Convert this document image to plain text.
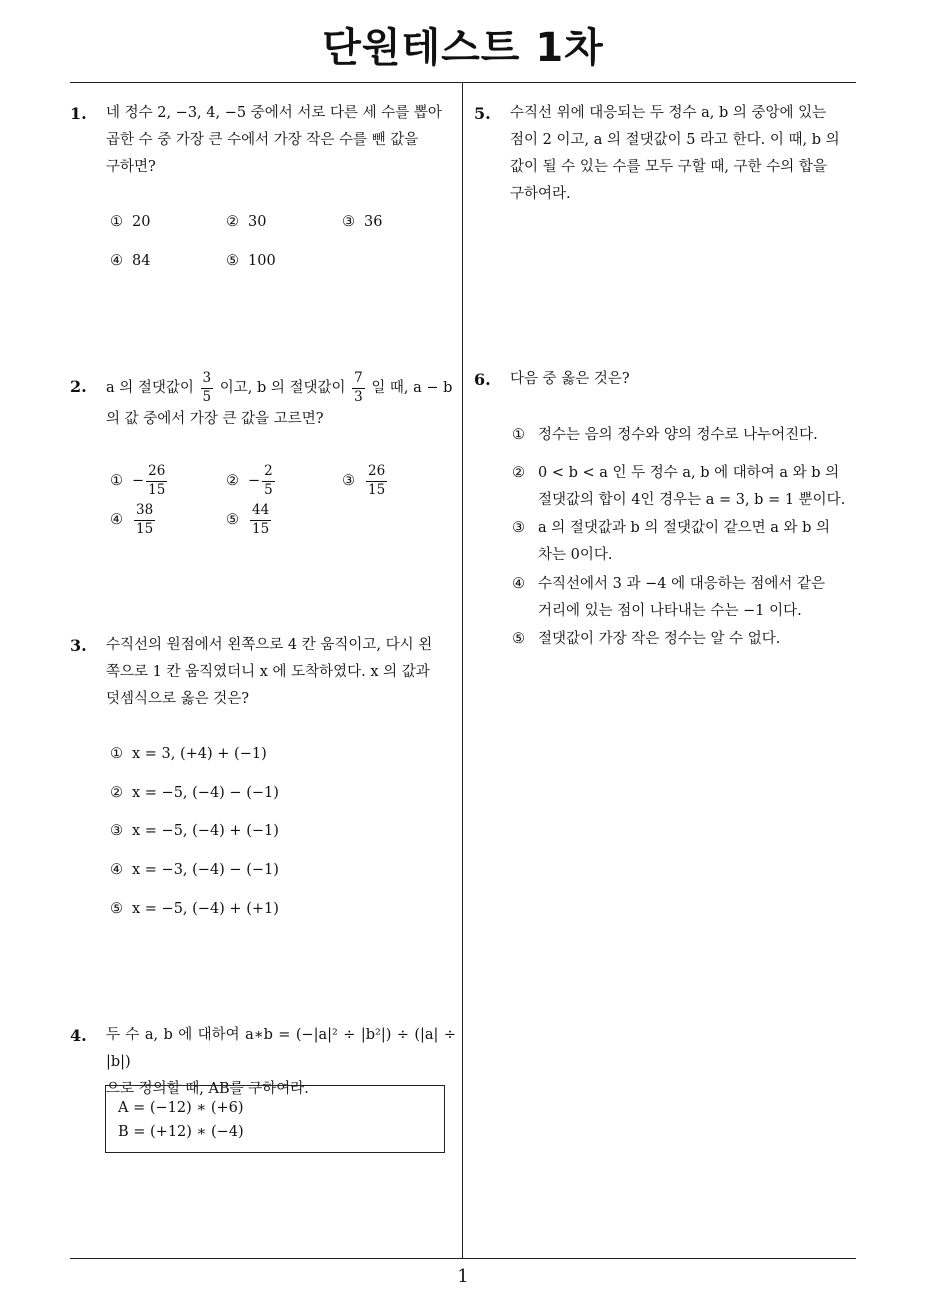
단원테스트 1차
1. 네 정수 2, −3, 4, −5 중에서 서로 다른 세 수를 뽑아
곱한 수 중 가장 큰 수에서 가장 작은 수를 뺀 값을
구하면?
① 20	② 30	③ 36
④ 84	⑤ 100
2. a 의 절댓값이 $\frac{3}{5}$ 이고, b 의 절댓값이 $\frac{7}{3}$ 일 때, a − b
의 값 중에서 가장 큰 값을 고르면?
① − $\frac{26}{15}$	② − $\frac{2}{5}$	③ $\frac{26}{15}$
④ $\frac{38}{15}$	⑤ $\frac{44}{15}$
3. 수직선의 원점에서 왼쪽으로 4 칸 움직이고, 다시 왼
쪽으로 1 칸 움직였더니 x 에 도착하였다. x 의 값과
덧셈식으로 옳은 것은?
① x = 3, (+4) + (−1)
② x = −5, (−4) − (−1)
③ x = −5, (−4) + (−1)
④ x = −3, (−4) − (−1)
⑤ x = −5, (−4) + (+1)
4. 두 수 a, b 에 대하여 a∗b = (−|a|² ÷ |b²|) ÷ (|a| ÷ |b|)
으로 정의할 때, AB를 구하여라.
A = (−12) ∗ (+6)
B = (+12) ∗ (−4)
5. 수직선 위에 대응되는 두 정수 a, b 의 중앙에 있는
점이 2 이고, a 의 절댓값이 5 라고 한다. 이 때, b 의
값이 될 수 있는 수를 모두 구할 때, 구한 수의 합을
구하여라.
6. 다음 중 옳은 것은?
① 정수는 음의 정수와 양의 정수로 나누어진다.
② 0 < b < a 인 두 정수 a, b 에 대하여 a 와 b 의
절댓값의 합이 4인 경우는 a = 3, b = 1 뿐이다.
③ a 의 절댓값과 b 의 절댓값이 같으면 a 와 b 의
차는 0이다.
④ 수직선에서 3 과 −4 에 대응하는 점에서 같은
거리에 있는 점이 나타내는 수는 −1 이다.
⑤ 절댓값이 가장 작은 정수는 알 수 없다.
1
